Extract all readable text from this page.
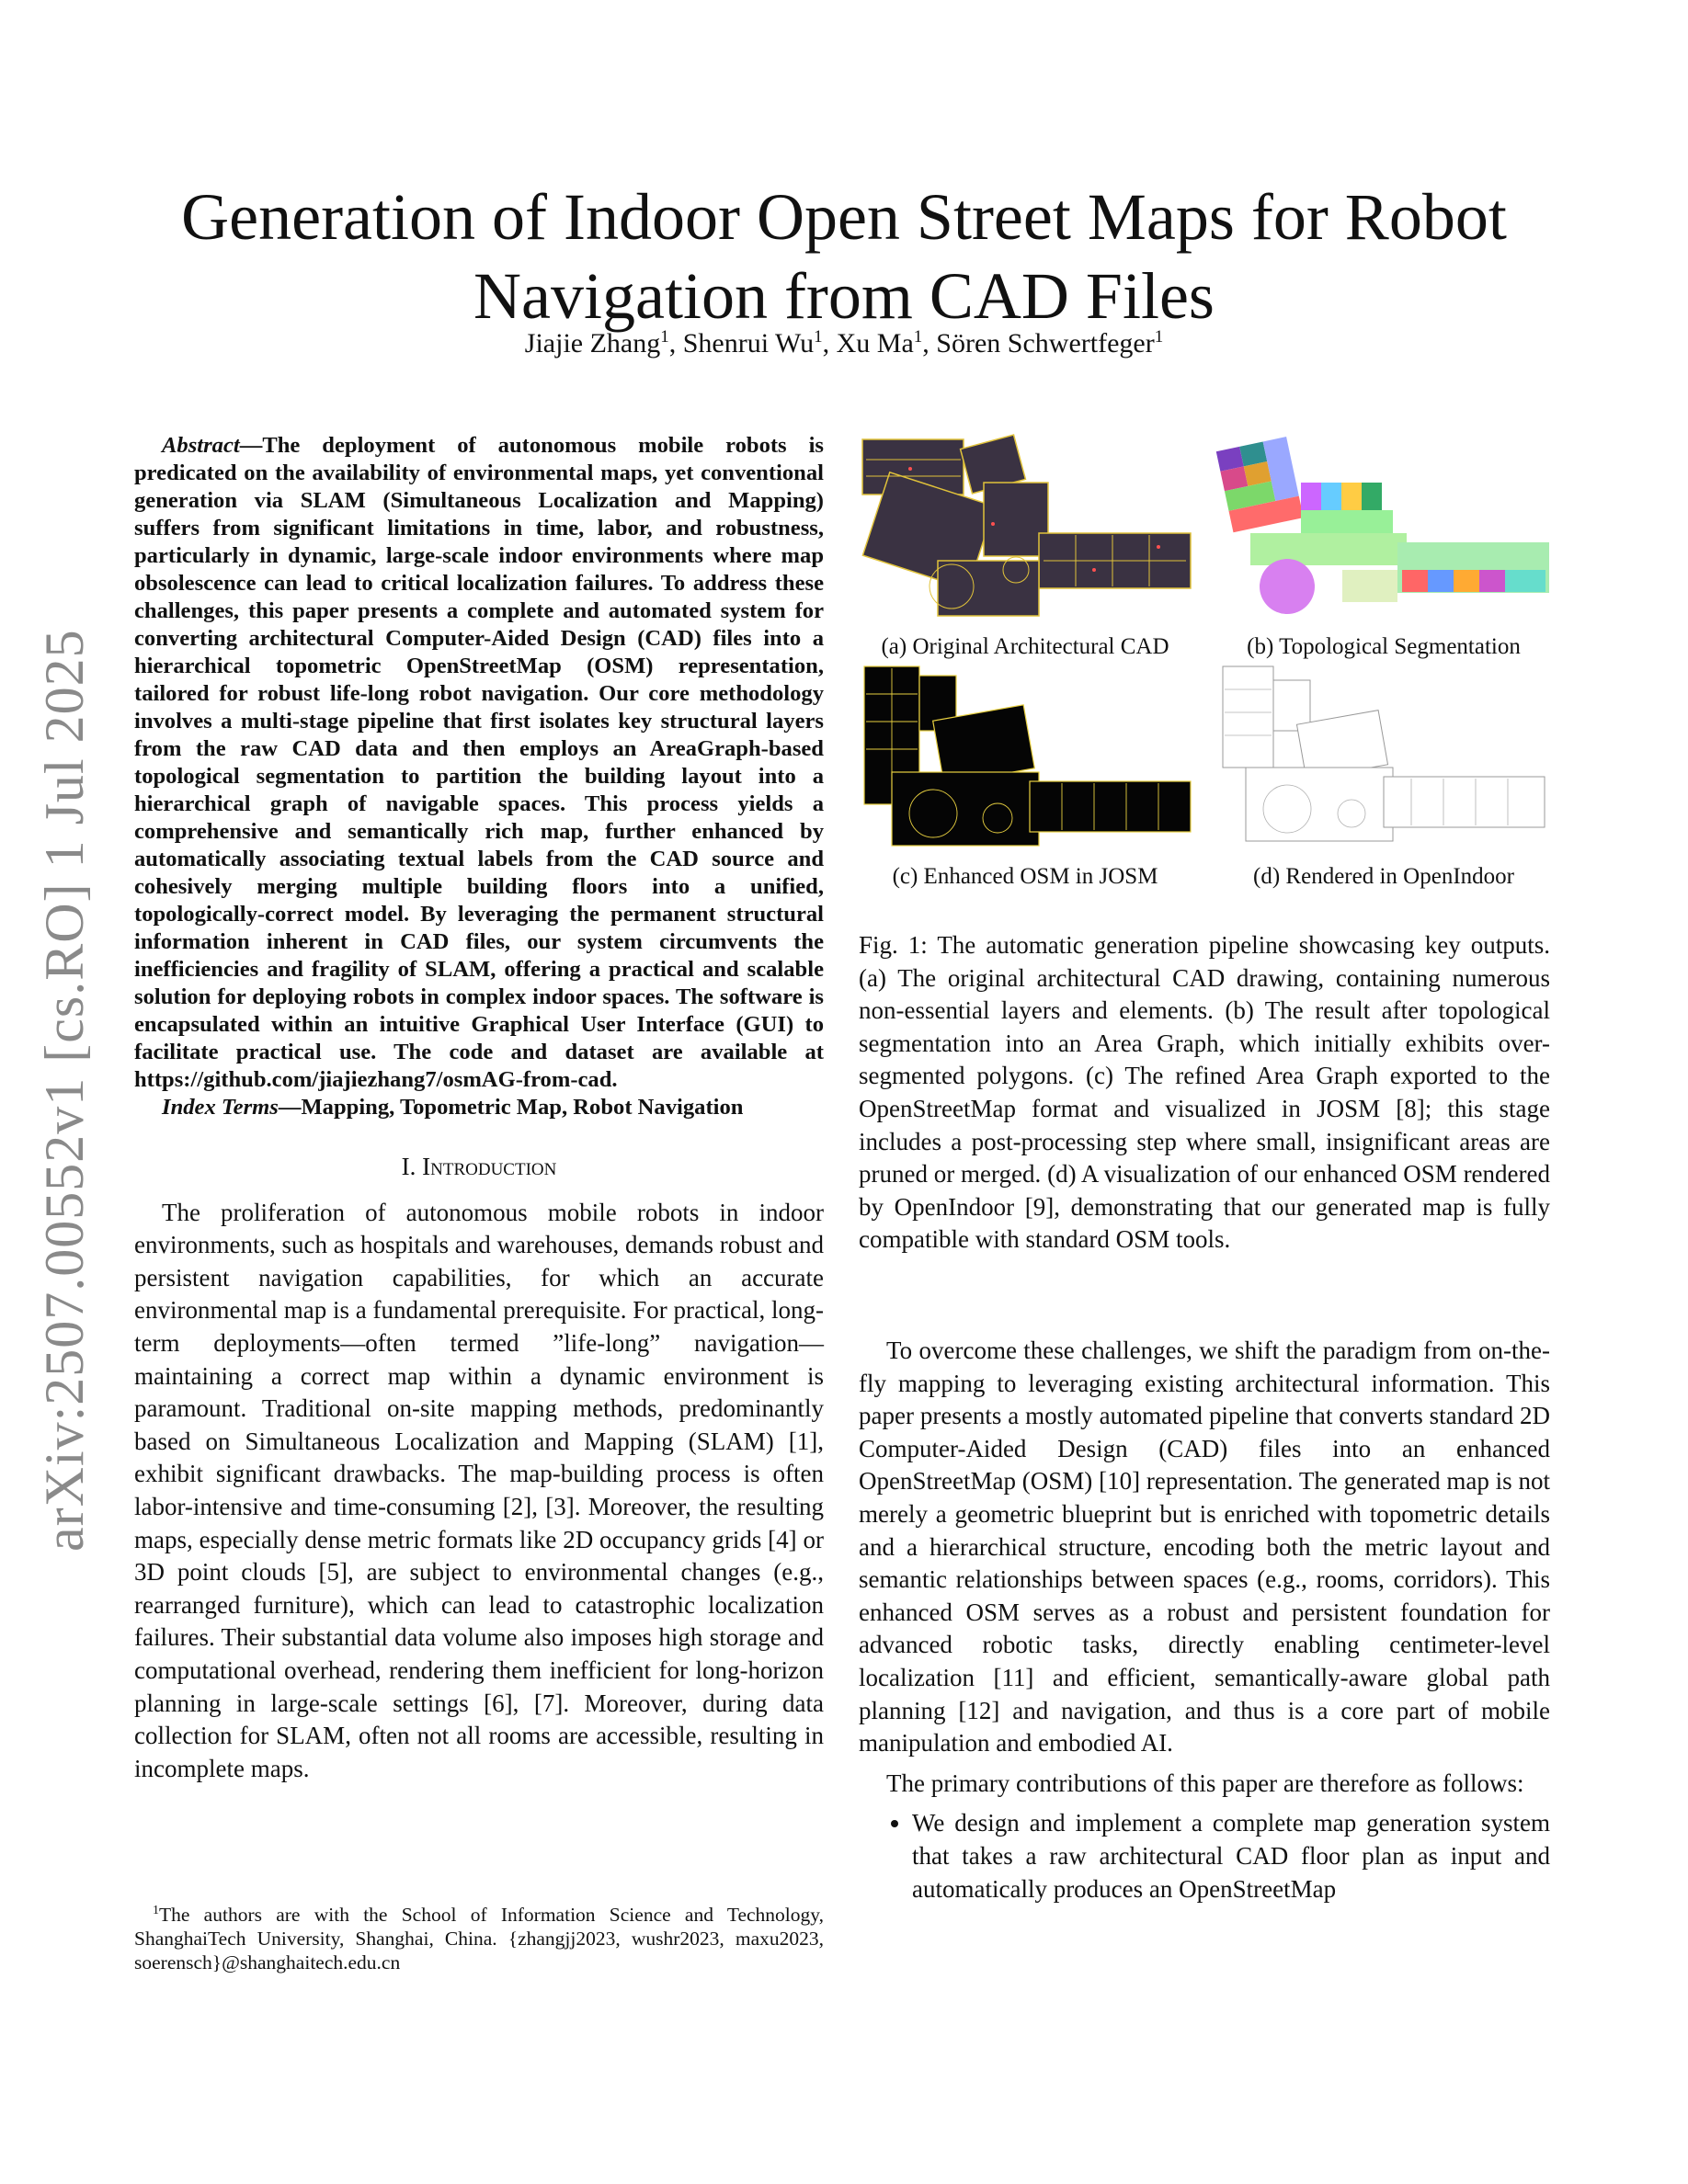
arXiv:2507.00552v1 [cs.RO] 1 Jul 2025
Generation of Indoor Open Street Maps for Robot Navigation from CAD Files
Jiajie Zhang$^1$, Shenrui Wu$^1$, Xu Ma$^1$, Sören Schwertfeger$^1$

Abstract—The deployment of autonomous mobile robots is predicated on the availability of environmental maps, yet conventional generation via SLAM (Simultaneous Localization and Mapping) suffers from significant limitations in time, labor, and robustness, particularly in dynamic, large-scale indoor environments where map obsolescence can lead to critical localization failures. To address these challenges, this paper presents a complete and automated system for converting architectural Computer-Aided Design (CAD) files into a hierarchical topometric OpenStreetMap (OSM) representation, tailored for robust life-long robot navigation. Our core methodology involves a multi-stage pipeline that first isolates key structural layers from the raw CAD data and then employs an AreaGraph-based topological segmentation to partition the building layout into a hierarchical graph of navigable spaces. This process yields a comprehensive and semantically rich map, further enhanced by automatically associating textual labels from the CAD source and cohesively merging multiple building floors into a unified, topologically-correct model. By leveraging the permanent structural information inherent in CAD files, our system circumvents the inefficiencies and fragility of SLAM, offering a practical and scalable solution for deploying robots in complex indoor spaces. The software is encapsulated within an intuitive Graphical User Interface (GUI) to facilitate practical use. The code and dataset are available at https://github.com/jiajiezhang7/osmAG-from-cad.

Index Terms—Mapping, Topometric Map, Robot Navigation

I. Introduction

The proliferation of autonomous mobile robots in indoor environments, such as hospitals and warehouses, demands robust and persistent navigation capabilities, for which an accurate environmental map is a fundamental prerequisite. For practical, long-term deployments—often termed ”life-long” navigation—maintaining a correct map within a dynamic environment is paramount. Traditional on-site mapping methods, predominantly based on Simultaneous Localization and Mapping (SLAM) [1], exhibit significant drawbacks. The map-building process is often labor-intensive and time-consuming [2], [3]. Moreover, the resulting maps, especially dense metric formats like 2D occupancy grids [4] or 3D point clouds [5], are subject to environmental changes (e.g., rearranged furniture), which can lead to catastrophic localization failures. Their substantial data volume also imposes high storage and computational overhead, rendering them inefficient for long-horizon planning in large-scale settings [6], [7]. Moreover, during data collection for SLAM, often not all rooms are accessible, resulting in incomplete maps.

$^1$The authors are with the School of Information Science and Technology, ShanghaiTech University, Shanghai, China. {zhangjj2023, wushr2023, maxu2023, soerensch}@shanghaitech.edu.cn
(a) Original Architectural CAD	(b) Topological Segmentation
(c) Enhanced OSM in JOSM	(d) Rendered in OpenIndoor

Fig. 1: The automatic generation pipeline showcasing key outputs. (a) The original architectural CAD drawing, containing numerous non-essential layers and elements. (b) The result after topological segmentation into an Area Graph, which initially exhibits over-segmented polygons. (c) The refined Area Graph exported to the OpenStreetMap format and visualized in JOSM [8]; this stage includes a post-processing step where small, insignificant areas are pruned or merged. (d) A visualization of our enhanced OSM rendered by OpenIndoor [9], demonstrating that our generated map is fully compatible with standard OSM tools.

To overcome these challenges, we shift the paradigm from on-the-fly mapping to leveraging existing architectural information. This paper presents a mostly automated pipeline that converts standard 2D Computer-Aided Design (CAD) files into an enhanced OpenStreetMap (OSM) [10] representation. The generated map is not merely a geometric blueprint but is enriched with topometric details and a hierarchical structure, encoding both the metric layout and semantic relationships between spaces (e.g., rooms, corridors). This enhanced OSM serves as a robust and persistent foundation for advanced robotic tasks, directly enabling centimeter-level localization [11] and efficient, semantically-aware global path planning [12] and navigation, and thus is a core part of mobile manipulation and embodied AI.

The primary contributions of this paper are therefore as follows:

• We design and implement a complete map generation system that takes a raw architectural CAD floor plan as input and automatically produces an OpenStreetMap
